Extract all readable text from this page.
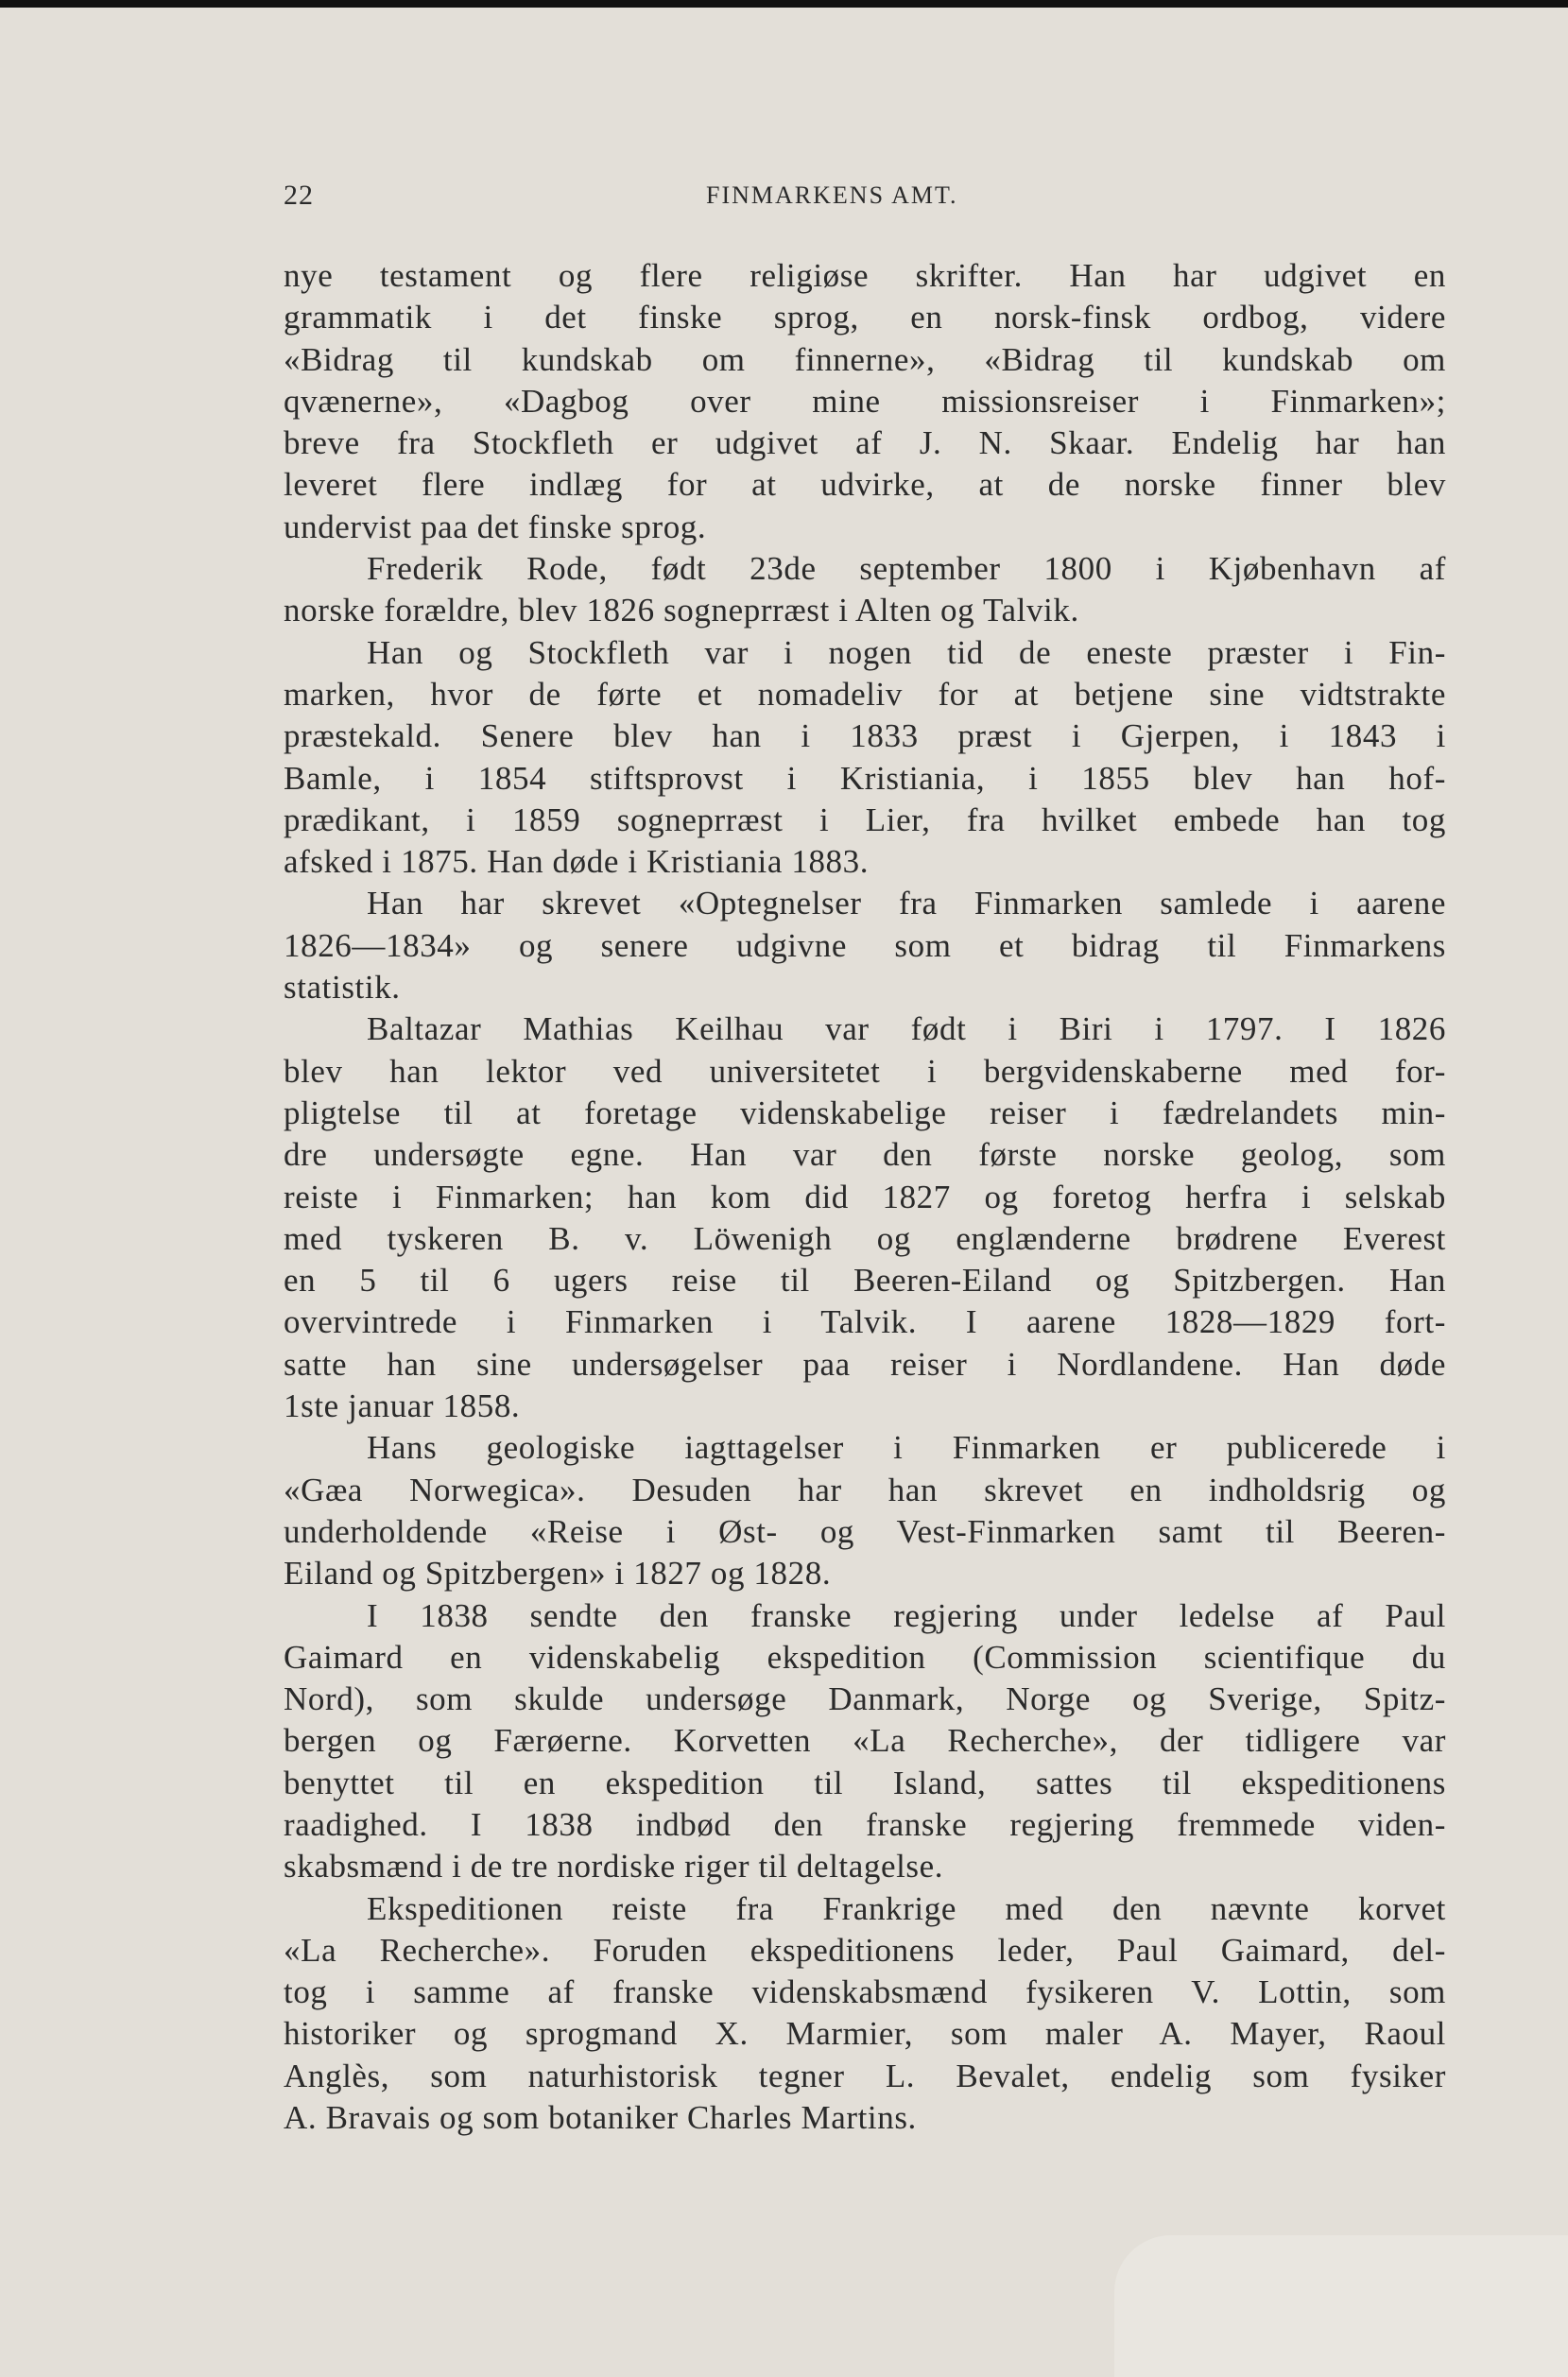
22	FINMARKENS AMT.
nye testament og flere religiøse skrifter. Han har udgivet en
grammatik i det finske sprog, en norsk-finsk ordbog, videre
«Bidrag til kundskab om finnerne», «Bidrag til kundskab om
qvænerne», «Dagbog over mine missionsreiser i Finmarken»;
breve fra Stockfleth er udgivet af J. N. Skaar. Endelig har han
leveret flere indlæg for at udvirke, at de norske finner blev
undervist paa det finske sprog.
Frederik Rode, født 23de september 1800 i Kjøbenhavn af
norske forældre, blev 1826 sogneprræst i Alten og Talvik.
Han og Stockfleth var i nogen tid de eneste præster i Fin-
marken, hvor de førte et nomadeliv for at betjene sine vidtstrakte
præstekald. Senere blev han i 1833 præst i Gjerpen, i 1843 i
Bamle, i 1854 stiftsprovst i Kristiania, i 1855 blev han hof-
prædikant, i 1859 sogneprræst i Lier, fra hvilket embede han tog
afsked i 1875. Han døde i Kristiania 1883.
Han har skrevet «Optegnelser fra Finmarken samlede i aarene
1826—1834» og senere udgivne som et bidrag til Finmarkens
statistik.
Baltazar Mathias Keilhau var født i Biri i 1797. I 1826
blev han lektor ved universitetet i bergvidenskaberne med for-
pligtelse til at foretage videnskabelige reiser i fædrelandets min-
dre undersøgte egne. Han var den første norske geolog, som
reiste i Finmarken; han kom did 1827 og foretog herfra i selskab
med tyskeren B. v. Löwenigh og englænderne brødrene Everest
en 5 til 6 ugers reise til Beeren-Eiland og Spitzbergen. Han
overvintrede i Finmarken i Talvik. I aarene 1828—1829 fort-
satte han sine undersøgelser paa reiser i Nordlandene. Han døde
1ste januar 1858.
Hans geologiske iagttagelser i Finmarken er publicerede i
«Gæa Norwegica». Desuden har han skrevet en indholdsrig og
underholdende «Reise i Øst- og Vest-Finmarken samt til Beeren-
Eiland og Spitzbergen» i 1827 og 1828.
I 1838 sendte den franske regjering under ledelse af Paul
Gaimard en videnskabelig ekspedition (Commission scientifique du
Nord), som skulde undersøge Danmark, Norge og Sverige, Spitz-
bergen og Færøerne. Korvetten «La Recherche», der tidligere var
benyttet til en ekspedition til Island, sattes til ekspeditionens
raadighed. I 1838 indbød den franske regjering fremmede viden-
skabsmænd i de tre nordiske riger til deltagelse.
Ekspeditionen reiste fra Frankrige med den nævnte korvet
«La Recherche». Foruden ekspeditionens leder, Paul Gaimard, del-
tog i samme af franske videnskabsmænd fysikeren V. Lottin, som
historiker og sprogmand X. Marmier, som maler A. Mayer, Raoul
Anglès, som naturhistorisk tegner L. Bevalet, endelig som fysiker
A. Bravais og som botaniker Charles Martins.
